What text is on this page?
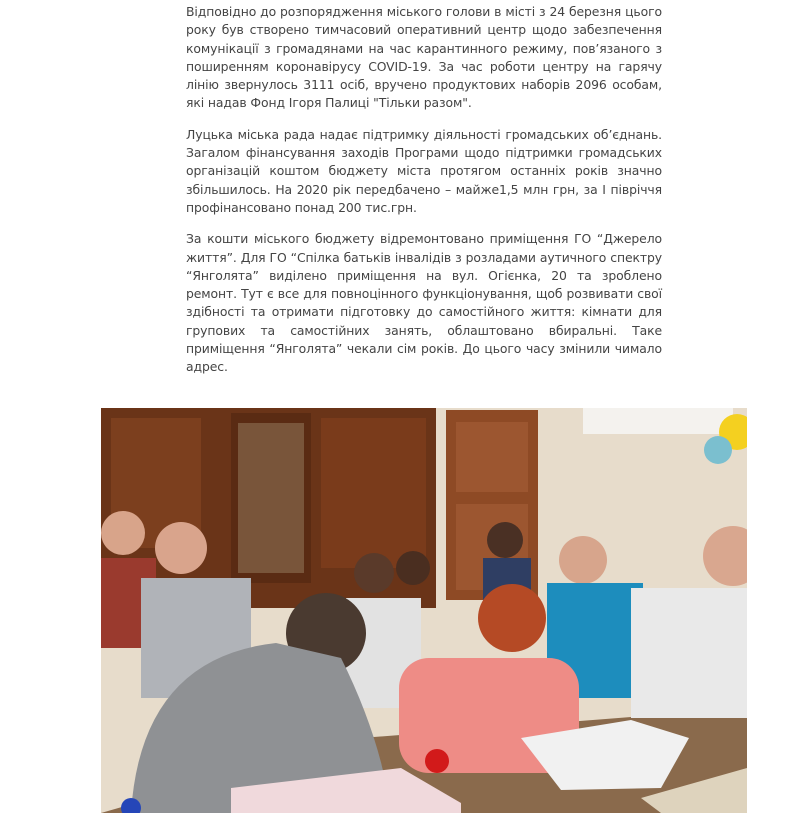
Відповідно до розпорядження міського голови в місті з 24 березня цього року був створено тимчасовий оперативний центр щодо забезпечення комунікації з громадянами на час карантинного режиму, пов’язаного з поширенням коронавірусу COVID-19. За час роботи центру на гарячу лінію звернулось 3111 осіб, вручено продуктових наборів 2096 особам, які надав Фонд Ігоря Палиці "Тільки разом".

Луцька міська рада надає підтримку діяльності громадських об’єднань. Загалом фінансування заходів Програми щодо підтримки громадських організацій коштом бюджету міста протягом останніх років значно збільшилось. На 2020 рік передбачено – майже1,5 млн грн, за І півріччя профінансовано понад 200 тис.грн.

За кошти міського бюджету відремонтовано приміщення ГО “Джерело життя”. Для ГО “Спілка батьків інвалідів з розладами аутичного спектру “Янголята” виділено приміщення на вул. Огієнка, 20 та зроблено ремонт. Тут є все для повноцінного функціонування, щоб розвивати свої здібності та отримати підготовку до самостійного життя: кімнати для групових та самостійних занять, облаштовано вбиральні. Таке приміщення “Янголята” чекали сім років. До цього часу змінили чимало адрес.
